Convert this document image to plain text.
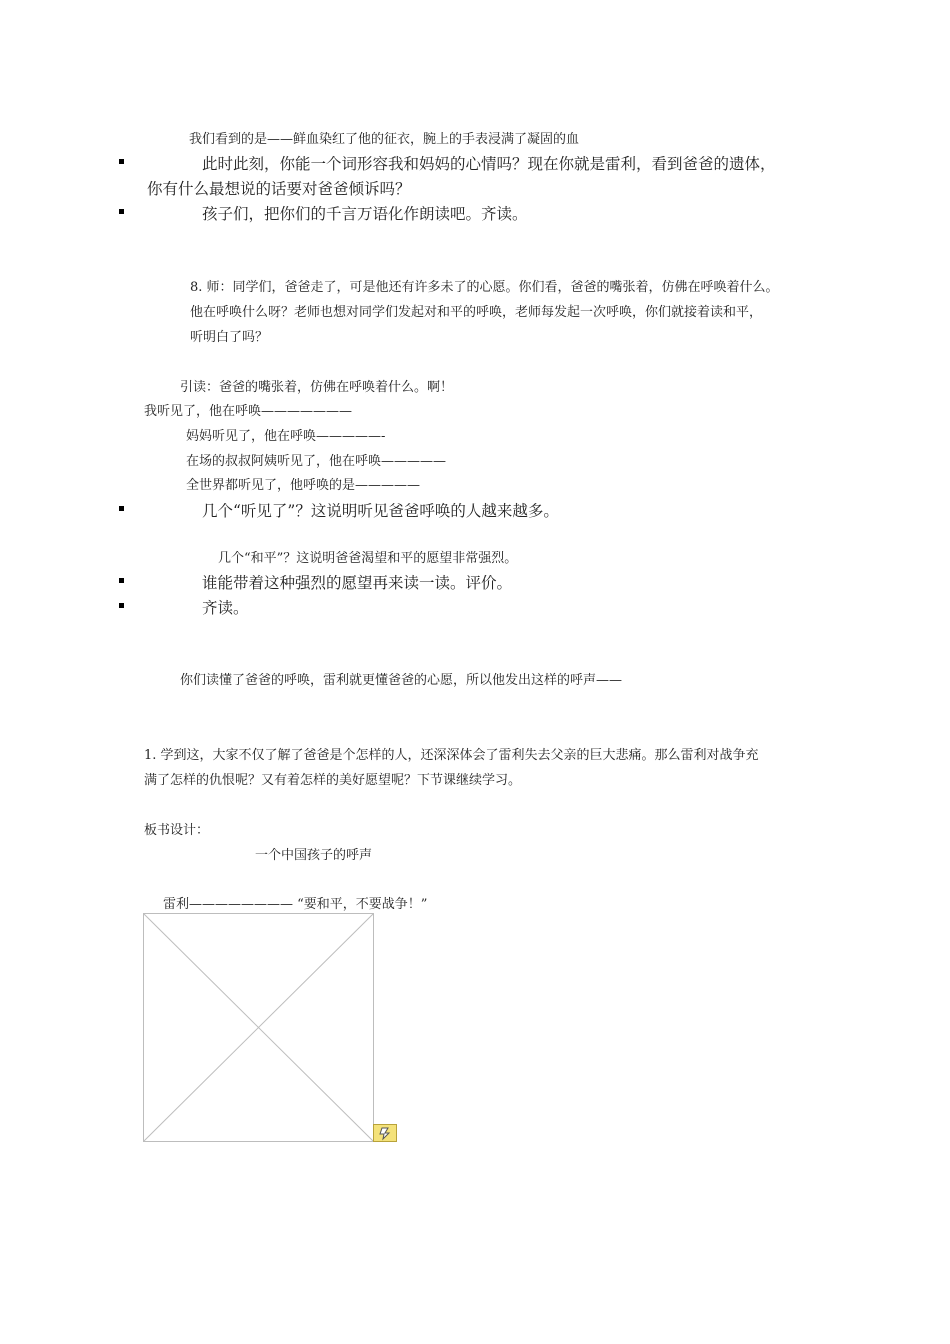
我们看到的是——鲜血染红了他的征衣，腕上的手表浸满了凝固的血
此时此刻，你能一个词形容我和妈妈的心情吗？现在你就是雷利，看到爸爸的遗体，
你有什么最想说的话要对爸爸倾诉吗？
孩子们，把你们的千言万语化作朗读吧。齐读。
8. 师：同学们，爸爸走了，可是他还有许多未了的心愿。你们看，爸爸的嘴张着，仿佛在呼唤着什么。
他在呼唤什么呀？老师也想对同学们发起对和平的呼唤，老师每发起一次呼唤，你们就接着读和平，
听明白了吗？
引读：爸爸的嘴张着，仿佛在呼唤着什么。啊！
我听见了，他在呼唤———————
妈妈听见了，他在呼唤—————-
在场的叔叔阿姨听见了，他在呼唤—————
全世界都听见了，他呼唤的是—————
几个“听见了”？这说明听见爸爸呼唤的人越来越多。
几个“和平”？这说明爸爸渴望和平的愿望非常强烈。
谁能带着这种强烈的愿望再来读一读。评价。
齐读。
你们读懂了爸爸的呼唤，雷利就更懂爸爸的心愿，所以他发出这样的呼声——
1. 学到这，大家不仅了解了爸爸是个怎样的人，还深深体会了雷利失去父亲的巨大悲痛。那么雷利对战争充
满了怎样的仇恨呢？又有着怎样的美好愿望呢？下节课继续学习。
板书设计：
一个中国孩子的呼声
雷利———————— “要和平，不要战争！”
